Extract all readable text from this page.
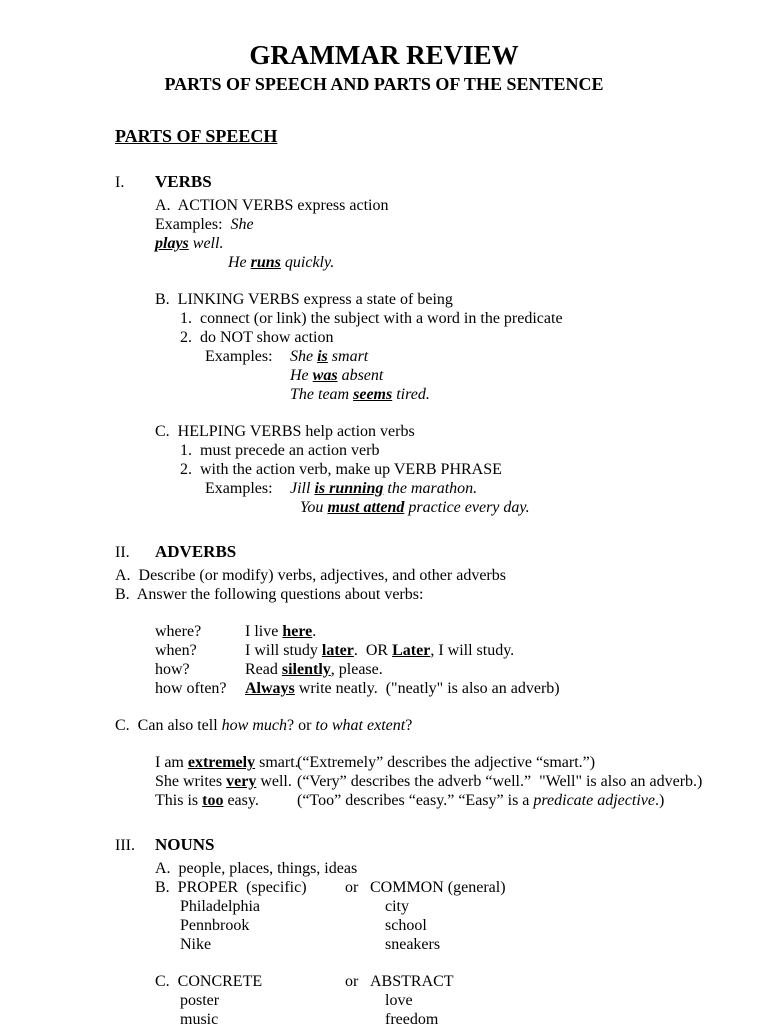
GRAMMAR REVIEW
PARTS OF SPEECH AND PARTS OF THE SENTENCE
PARTS OF SPEECH
I.	VERBS
A.  ACTION VERBS express action
Examples:  She
plays well.
He runs quickly.
B.  LINKING VERBS express a state of being
1.  connect (or link) the subject with a word in the predicate
2.  do NOT show action
Examples: She is smart
He was absent
The team seems tired.
C.  HELPING VERBS help action verbs
1.  must precede an action verb
2.  with the action verb, make up VERB PHRASE
Examples: Jill is running the marathon.
You must attend practice every day.
II.	ADVERBS
A.  Describe (or modify) verbs, adjectives, and other adverbs
B.  Answer the following questions about verbs:
where?	I live here.
when?	I will study later.  OR Later, I will study.
how?	Read silently, please.
how often? Always write neatly.  ("neatly" is also an adverb)
C.  Can also tell how much? or to what extent?
I am extremely smart.(“Extremely” describes the adjective “smart.”)
She writes very well. (“Very” describes the adverb “well.”  "Well" is also an adverb.)
This is too easy. (“Too” describes “easy.” “Easy” is a predicate adjective.)
III.	NOUNS
A.  people, places, things, ideas
B.  PROPER  (specific) or COMMON (general)
Philadelphia	city
Pennbrook	school
Nike	sneakers
C.  CONCRETE	or ABSTRACT
poster	love
music	freedom
